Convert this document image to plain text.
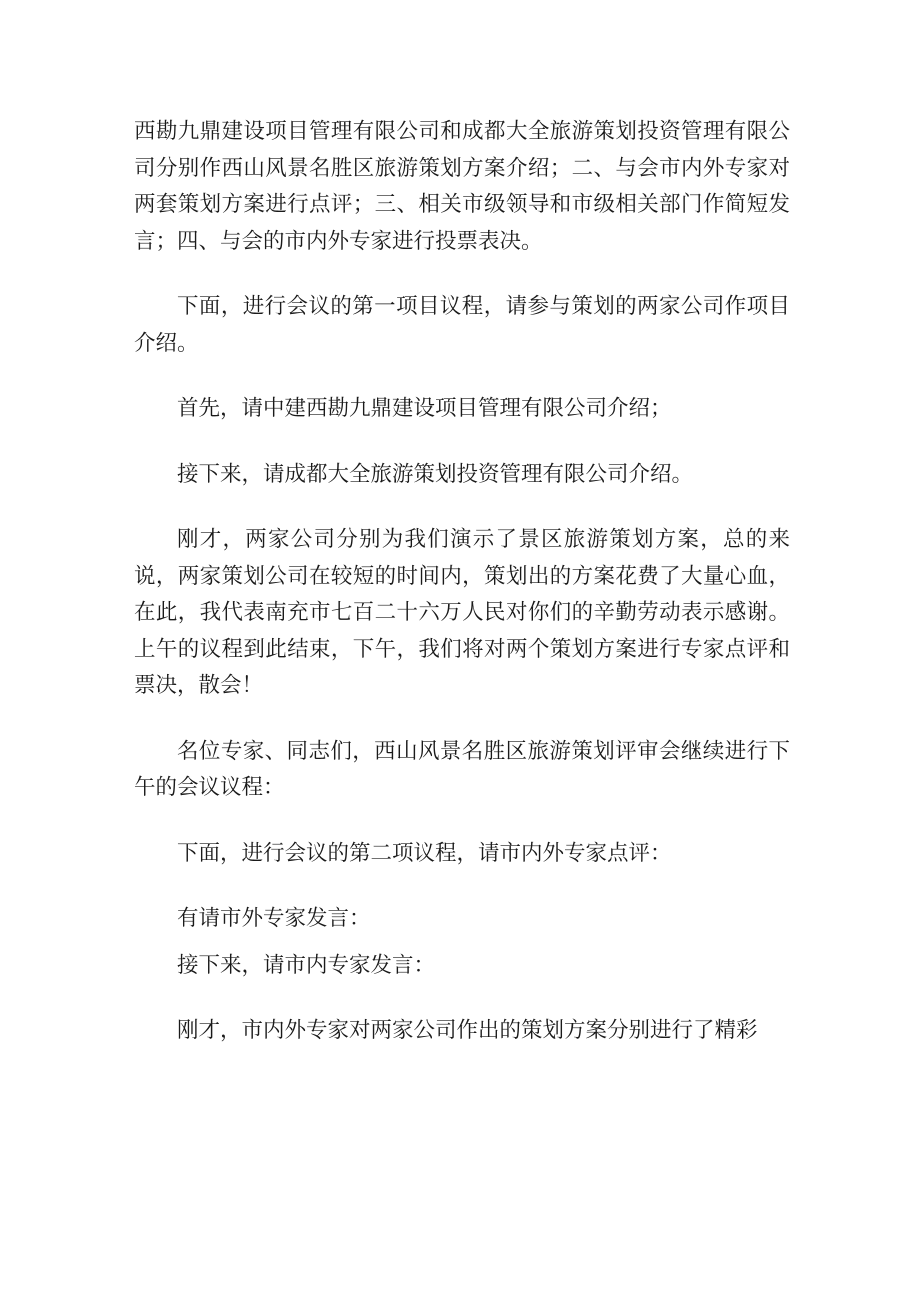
西勘九鼎建设项目管理有限公司和成都大全旅游策划投资管理有限公司分别作西山风景名胜区旅游策划方案介绍；二、与会市内外专家对两套策划方案进行点评；三、相关市级领导和市级相关部门作简短发言；四、与会的市内外专家进行投票表决。

下面，进行会议的第一项目议程，请参与策划的两家公司作项目介绍。

首先，请中建西勘九鼎建设项目管理有限公司介绍；

接下来，请成都大全旅游策划投资管理有限公司介绍。

刚才，两家公司分别为我们演示了景区旅游策划方案，总的来说，两家策划公司在较短的时间内，策划出的方案花费了大量心血，在此，我代表南充市七百二十六万人民对你们的辛勤劳动表示感谢。上午的议程到此结束，下午，我们将对两个策划方案进行专家点评和票决，散会！

名位专家、同志们，西山风景名胜区旅游策划评审会继续进行下午的会议议程：

下面，进行会议的第二项议程，请市内外专家点评：

有请市外专家发言：

接下来，请市内专家发言：

刚才，市内外专家对两家公司作出的策划方案分别进行了精彩
